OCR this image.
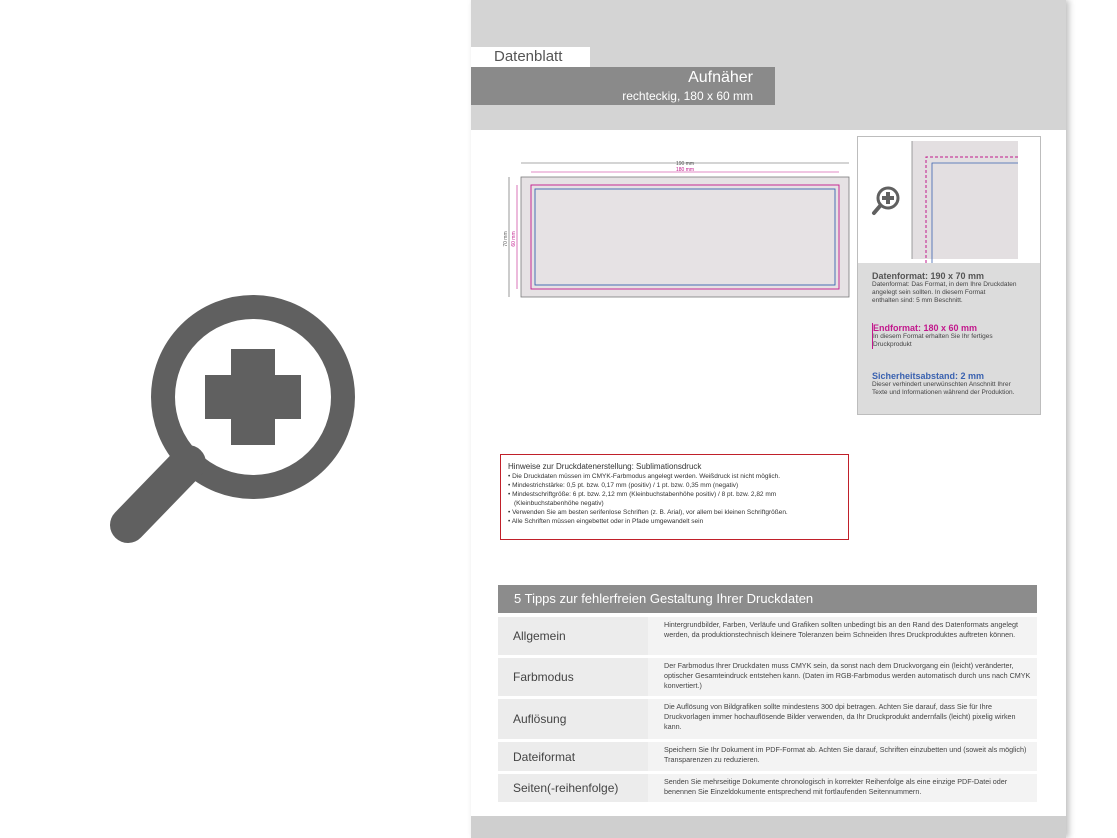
Datenblatt
Aufnäher
rechteckig, 180 x 60 mm
190 mm
180 mm
70 mm 60 mm
Datenformat: 190 x 70 mm
Datenformat: Das Format, in dem Ihre Druckdaten
angelegt sein sollten. In diesem Format
enthalten sind: 5 mm Beschnitt.
Endformat: 180 x 60 mm
In diesem Format erhalten Sie Ihr fertiges
Druckprodukt
Sicherheitsabstand: 2 mm
Dieser verhindert unerwünschten Anschnitt Ihrer
Texte und Informationen während der Produktion.
Hinweise zur Druckdatenerstellung: Sublimationsdruck
• Die Druckdaten müssen im CMYK-Farbmodus angelegt werden. Weißdruck ist nicht möglich.
• Mindestrichstärke: 0,5 pt. bzw. 0,17 mm (positiv) / 1 pt. bzw. 0,35 mm (negativ)
• Mindestschriftgröße: 6 pt. bzw. 2,12 mm (Kleinbuchstabenhöhe positiv) / 8 pt. bzw. 2,82 mm
(Kleinbuchstabenhöhe negativ)
• Verwenden Sie am besten serifenlose Schriften (z. B. Arial), vor allem bei kleinen Schriftgrößen.
• Alle Schriften müssen eingebettet oder in Pfade umgewandelt sein
5 Tipps zur fehlerfreien Gestaltung Ihrer Druckdaten
Allgemein
Hintergrundbilder, Farben, Verläufe und Grafiken sollten unbedingt bis an den Rand des Datenformats angelegt werden, da produktionstechnisch kleinere Toleranzen beim Schneiden Ihres Druckproduktes auftreten können.
Farbmodus
Der Farbmodus Ihrer Druckdaten muss CMYK sein, da sonst nach dem Druckvorgang ein (leicht) veränderter, optischer Gesamteindruck entstehen kann. (Daten im RGB-Farbmodus werden automatisch durch uns nach CMYK konvertiert.)
Auflösung
Die Auflösung von Bildgrafiken sollte mindestens 300 dpi betragen. Achten Sie darauf, dass Sie für Ihre Druckvorlagen immer hochauflösende Bilder verwenden, da Ihr Druckprodukt andernfalls (leicht) pixelig wirken kann.
Dateiformat	Speichern Sie Ihr Dokument im PDF-Format ab. Achten Sie darauf, Schriften einzubetten und (soweit als möglich) Transparenzen zu reduzieren.
Seiten(-reihenfolge)	Senden Sie mehrseitige Dokumente chronologisch in korrekter Reihenfolge als eine einzige PDF-Datei oder benennen Sie Einzeldokumente entsprechend mit fortlaufenden Seitennummern.
